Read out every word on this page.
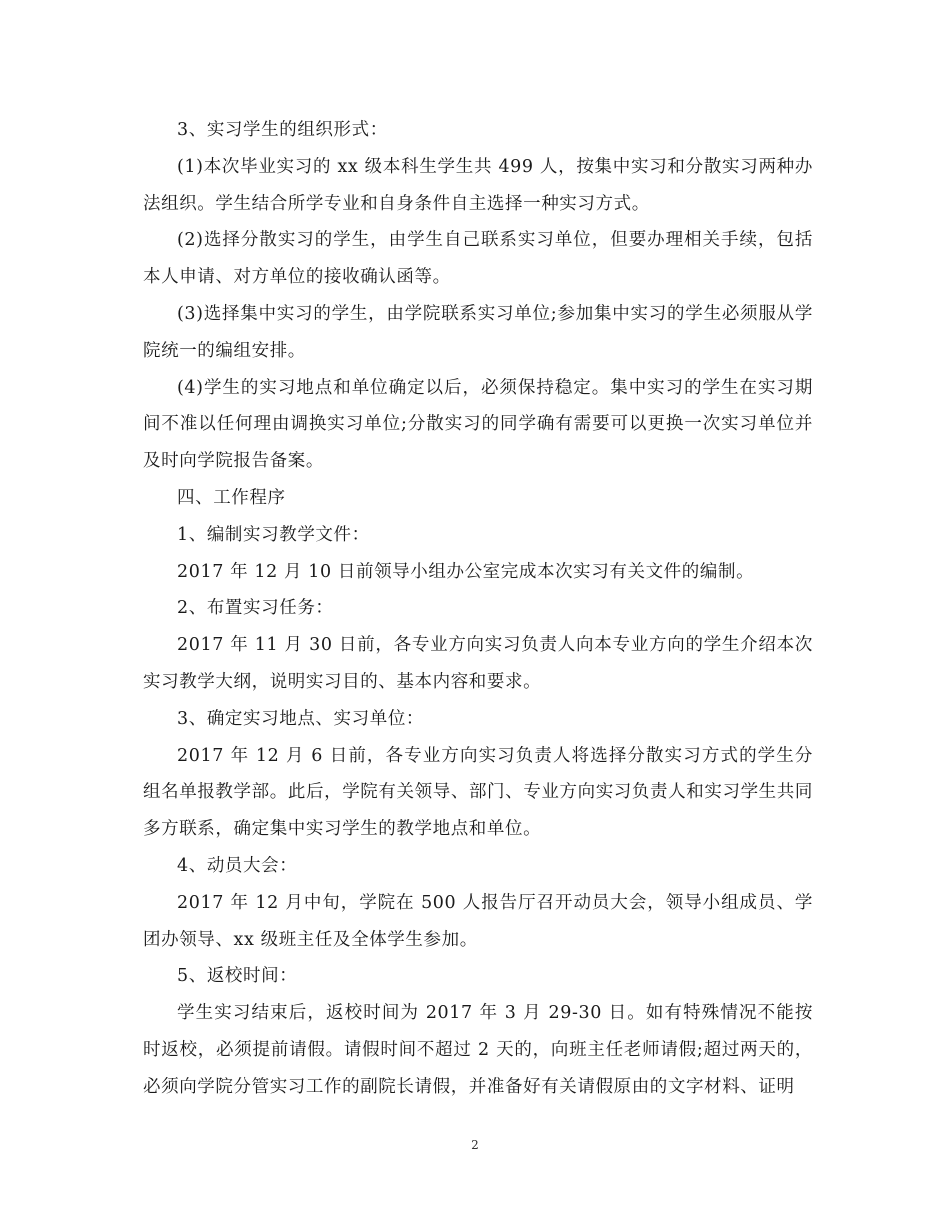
3、实习学生的组织形式：

(1)本次毕业实习的 xx 级本科生学生共 499 人，按集中实习和分散实习两种办法组织。学生结合所学专业和自身条件自主选择一种实习方式。

(2)选择分散实习的学生，由学生自己联系实习单位，但要办理相关手续，包括本人申请、对方单位的接收确认函等。

(3)选择集中实习的学生，由学院联系实习单位;参加集中实习的学生必须服从学院统一的编组安排。

(4)学生的实习地点和单位确定以后，必须保持稳定。集中实习的学生在实习期间不准以任何理由调换实习单位;分散实习的同学确有需要可以更换一次实习单位并及时向学院报告备案。

四、工作程序

1、编制实习教学文件：

2017 年 12 月 10 日前领导小组办公室完成本次实习有关文件的编制。

2、布置实习任务：

2017 年 11 月 30 日前，各专业方向实习负责人向本专业方向的学生介绍本次实习教学大纲，说明实习目的、基本内容和要求。

3、确定实习地点、实习单位：

2017 年 12 月 6 日前，各专业方向实习负责人将选择分散实习方式的学生分组名单报教学部。此后，学院有关领导、部门、专业方向实习负责人和实习学生共同多方联系，确定集中实习学生的教学地点和单位。

4、动员大会：

2017 年 12 月中旬，学院在 500 人报告厅召开动员大会，领导小组成员、学团办领导、xx 级班主任及全体学生参加。

5、返校时间：

学生实习结束后，返校时间为 2017 年 3 月 29-30 日。如有特殊情况不能按时返校，必须提前请假。请假时间不超过 2 天的，向班主任老师请假;超过两天的，必须向学院分管实习工作的副院长请假，并准备好有关请假原由的文字材料、证明

2
